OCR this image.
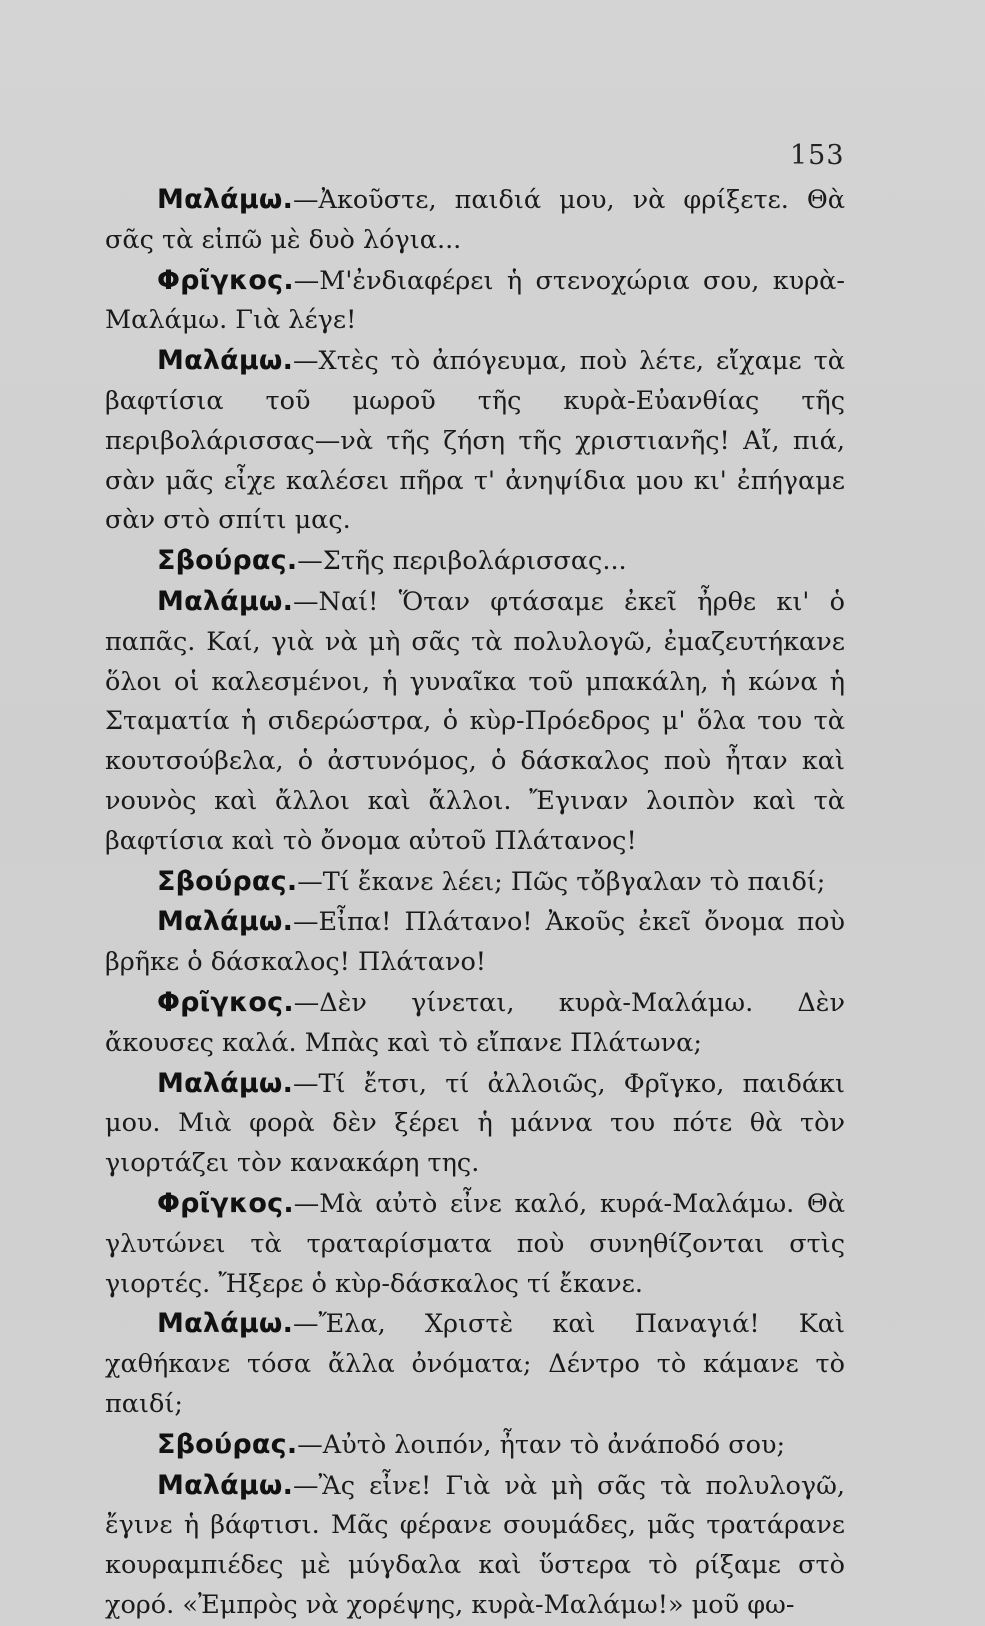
153

Μαλάμω.—Ἀκοῦστε, παιδιά μου, νὰ φρίξετε. Θὰ σᾶς τὰ εἰπῶ μὲ δυὸ λόγια...

Φρῖγκος.—Μ'ἐνδιαφέρει ἡ στενοχώρια σου, κυρὰ-Μαλάμω. Γιὰ λέγε!

Μαλάμω.—Χτὲς τὸ ἀπόγευμα, ποὺ λέτε, εἴχαμε τὰ βαφτίσια τοῦ μωροῦ τῆς κυρὰ-Εὐανθίας τῆς περιβολάρισσας—νὰ τῆς ζήση τῆς χριστιανῆς! Αἴ, πιά, σὰν μᾶς εἶχε καλέσει πῆρα τ' ἀνηψίδια μου κι' ἐπήγαμε σὰν στὸ σπίτι μας.

Σβούρας.—Στῆς περιβολάρισσας...

Μαλάμω.—Ναί! Ὅταν φτάσαμε ἐκεῖ ἦρθε κι' ὁ παπᾶς. Καί, γιὰ νὰ μὴ σᾶς τὰ πολυλογῶ, ἐμαζευτήκανε ὅλοι οἱ καλεσμένοι, ἡ γυναῖκα τοῦ μπακάλη, ἡ κώνα ἡ Σταματία ἡ σιδερώστρα, ὁ κὺρ-Πρόεδρος μ' ὅλα του τὰ κουτσούβελα, ὁ ἀστυνόμος, ὁ δάσκαλος ποὺ ἦταν καὶ νουνὸς καὶ ἄλλοι καὶ ἄλλοι. Ἔγιναν λοιπὸν καὶ τὰ βαφτίσια καὶ τὸ ὄνομα αὐτοῦ Πλάτανος!

Σβούρας.—Τί ἔκανε λέει; Πῶς τὄβγαλαν τὸ παιδί;

Μαλάμω.—Εἶπα! Πλάτανο! Ἀκοῦς ἐκεῖ ὄνομα ποὺ βρῆκε ὁ δάσκαλος! Πλάτανο!

Φρῖγκος.—Δὲν γίνεται, κυρὰ-Μαλάμω. Δὲν ἄκουσες καλά. Μπὰς καὶ τὸ εἴπανε Πλάτωνα;

Μαλάμω.—Τί ἔτσι, τί ἀλλοιῶς, Φρῖγκο, παιδάκι μου. Μιὰ φορὰ δὲν ξέρει ἡ μάννα του πότε θὰ τὸν γιορτάζει τὸν κανακάρη της.

Φρῖγκος.—Μὰ αὐτὸ εἶνε καλό, κυρά-Μαλάμω. Θὰ γλυτώνει τὰ τραταρίσματα ποὺ συνηθίζονται στὶς γιορτές. Ἤξερε ὁ κὺρ-δάσκαλος τί ἔκανε.

Μαλάμω.—Ἔλα, Χριστὲ καὶ Παναγιά! Καὶ χαθήκανε τόσα ἄλλα ὀνόματα; Δέντρο τὸ κάμανε τὸ παιδί;

Σβούρας.—Αὐτὸ λοιπόν, ἦταν τὸ ἀνάποδό σου;

Μαλάμω.—Ἂς εἶνε! Γιὰ νὰ μὴ σᾶς τὰ πολυλογῶ, ἔγινε ἡ βάφτισι. Μᾶς φέρανε σουμάδες, μᾶς τρατάρανε κουραμπιέδες μὲ μύγδαλα καὶ ὕστερα τὸ ρίξαμε στὸ χορό. «Ἐμπρὸς νὰ χορέψης, κυρὰ-Μαλάμω!» μοῦ φω-
